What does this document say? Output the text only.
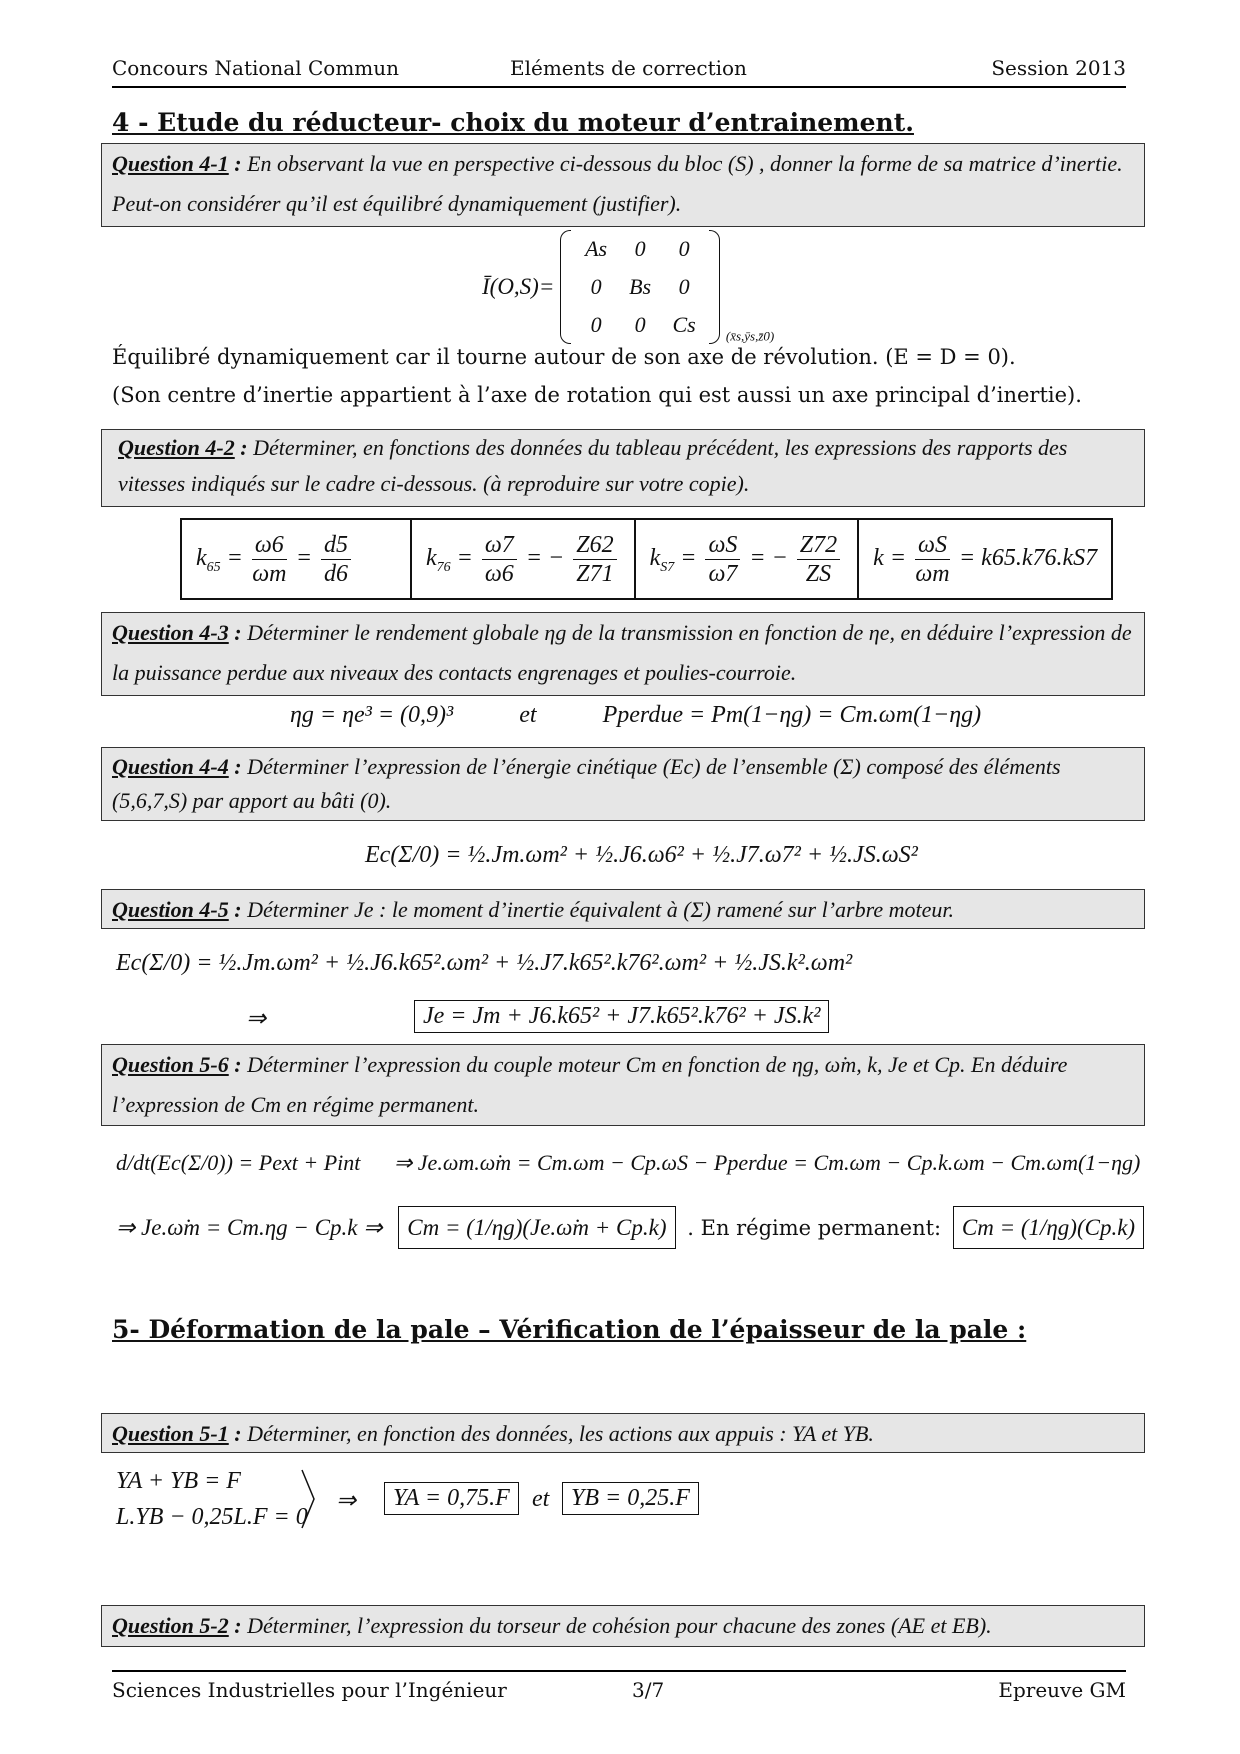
Concours National Commun	Eléments de correction	Session 2013
4 - Etude du réducteur- choix du moteur d’entrainement.
Question 4-1 : En observant la vue en perspective ci-dessous du bloc (S) , donner la forme de sa matrice d’inertie. Peut-on considérer qu’il est équilibré dynamiquement (justifier).
Ī(O,S)=
As	0	0
0	Bs	0
0	0	Cs $_{(x̄s,ȳs,z̄0)}$
Équilibré dynamiquement car il tourne autour de son axe de révolution. (E = D = 0).
(Son centre d’inertie appartient à l’axe de rotation qui est aussi un axe principal d’inertie).
Question 4-2 : Déterminer, en fonctions des données du tableau précédent, les expressions des rapports des vitesses indiqués sur le cadre ci-dessous. (à reproduire sur votre copie).
$k_{65} = \frac{\omega 6}{\omega m} = \frac{d5}{d6}$	$k_{76} = \frac{\omega 7}{\omega 6}$ = − $\frac{Z62}{Z71}$	$k_{S7} = \frac{\omega S}{\omega 7}$ = − $\frac{Z72}{ZS}$	$k = \frac{\omega S}{\omega m} = k65.k76.kS7$
Question 4-3 : Déterminer le rendement globale ηg de la transmission en fonction de ηe, en déduire l’expression de la puissance perdue aux niveaux des contacts engrenages et poulies-courroie.
ηg = ηe³ = (0,9)³	et	Pperdue = Pm(1−ηg) = Cm.ωm(1−ηg)
Question 4-4 : Déterminer l’expression de l’énergie cinétique (Ec) de l’ensemble (Σ) composé des éléments (5,6,7,S) par apport au bâti (0).
Ec(Σ/0) = ½.Jm.ωm² + ½.J6.ω6² + ½.J7.ω7² + ½.JS.ωS²
Question 4-5 : Déterminer Je : le moment d’inertie équivalent à (Σ) ramené sur l’arbre moteur.
Ec(Σ/0) = ½.Jm.ωm² + ½.J6.k65².ωm² + ½.J7.k65².k76².ωm² + ½.JS.k².ωm²
⇒	Je = Jm + J6.k65² + J7.k65².k76² + JS.k²
Question 5-6 : Déterminer l’expression du couple moteur Cm en fonction de ηg, ω̇m, k, Je et Cp. En déduire l’expression de Cm en régime permanent.
d/dt(Ec(Σ/0)) = Pext + Pint ⇒ Je.ωm.ω̇m = Cm.ωm − Cp.ωS − Pperdue = Cm.ωm − Cp.k.ωm − Cm.ωm(1−ηg)
⇒ Je.ω̇m = Cm.ηg − Cp.k ⇒ Cm = (1/ηg)(Je.ω̇m + Cp.k) . En régime permanent: Cm = (1/ηg)(Cp.k)
5- Déformation de la pale – Vérification de l’épaisseur de la pale :
Question 5-1 : Déterminer, en fonction des données, les actions aux appuis : YA et YB.
YA + YB = F
L.YB − 0,25L.F = 0
⇒	YA = 0,75.F et YB = 0,25.F
Question 5-2 : Déterminer, l’expression du torseur de cohésion pour chacune des zones (AE et EB).
Sciences Industrielles pour l’Ingénieur	3/7	Epreuve GM
